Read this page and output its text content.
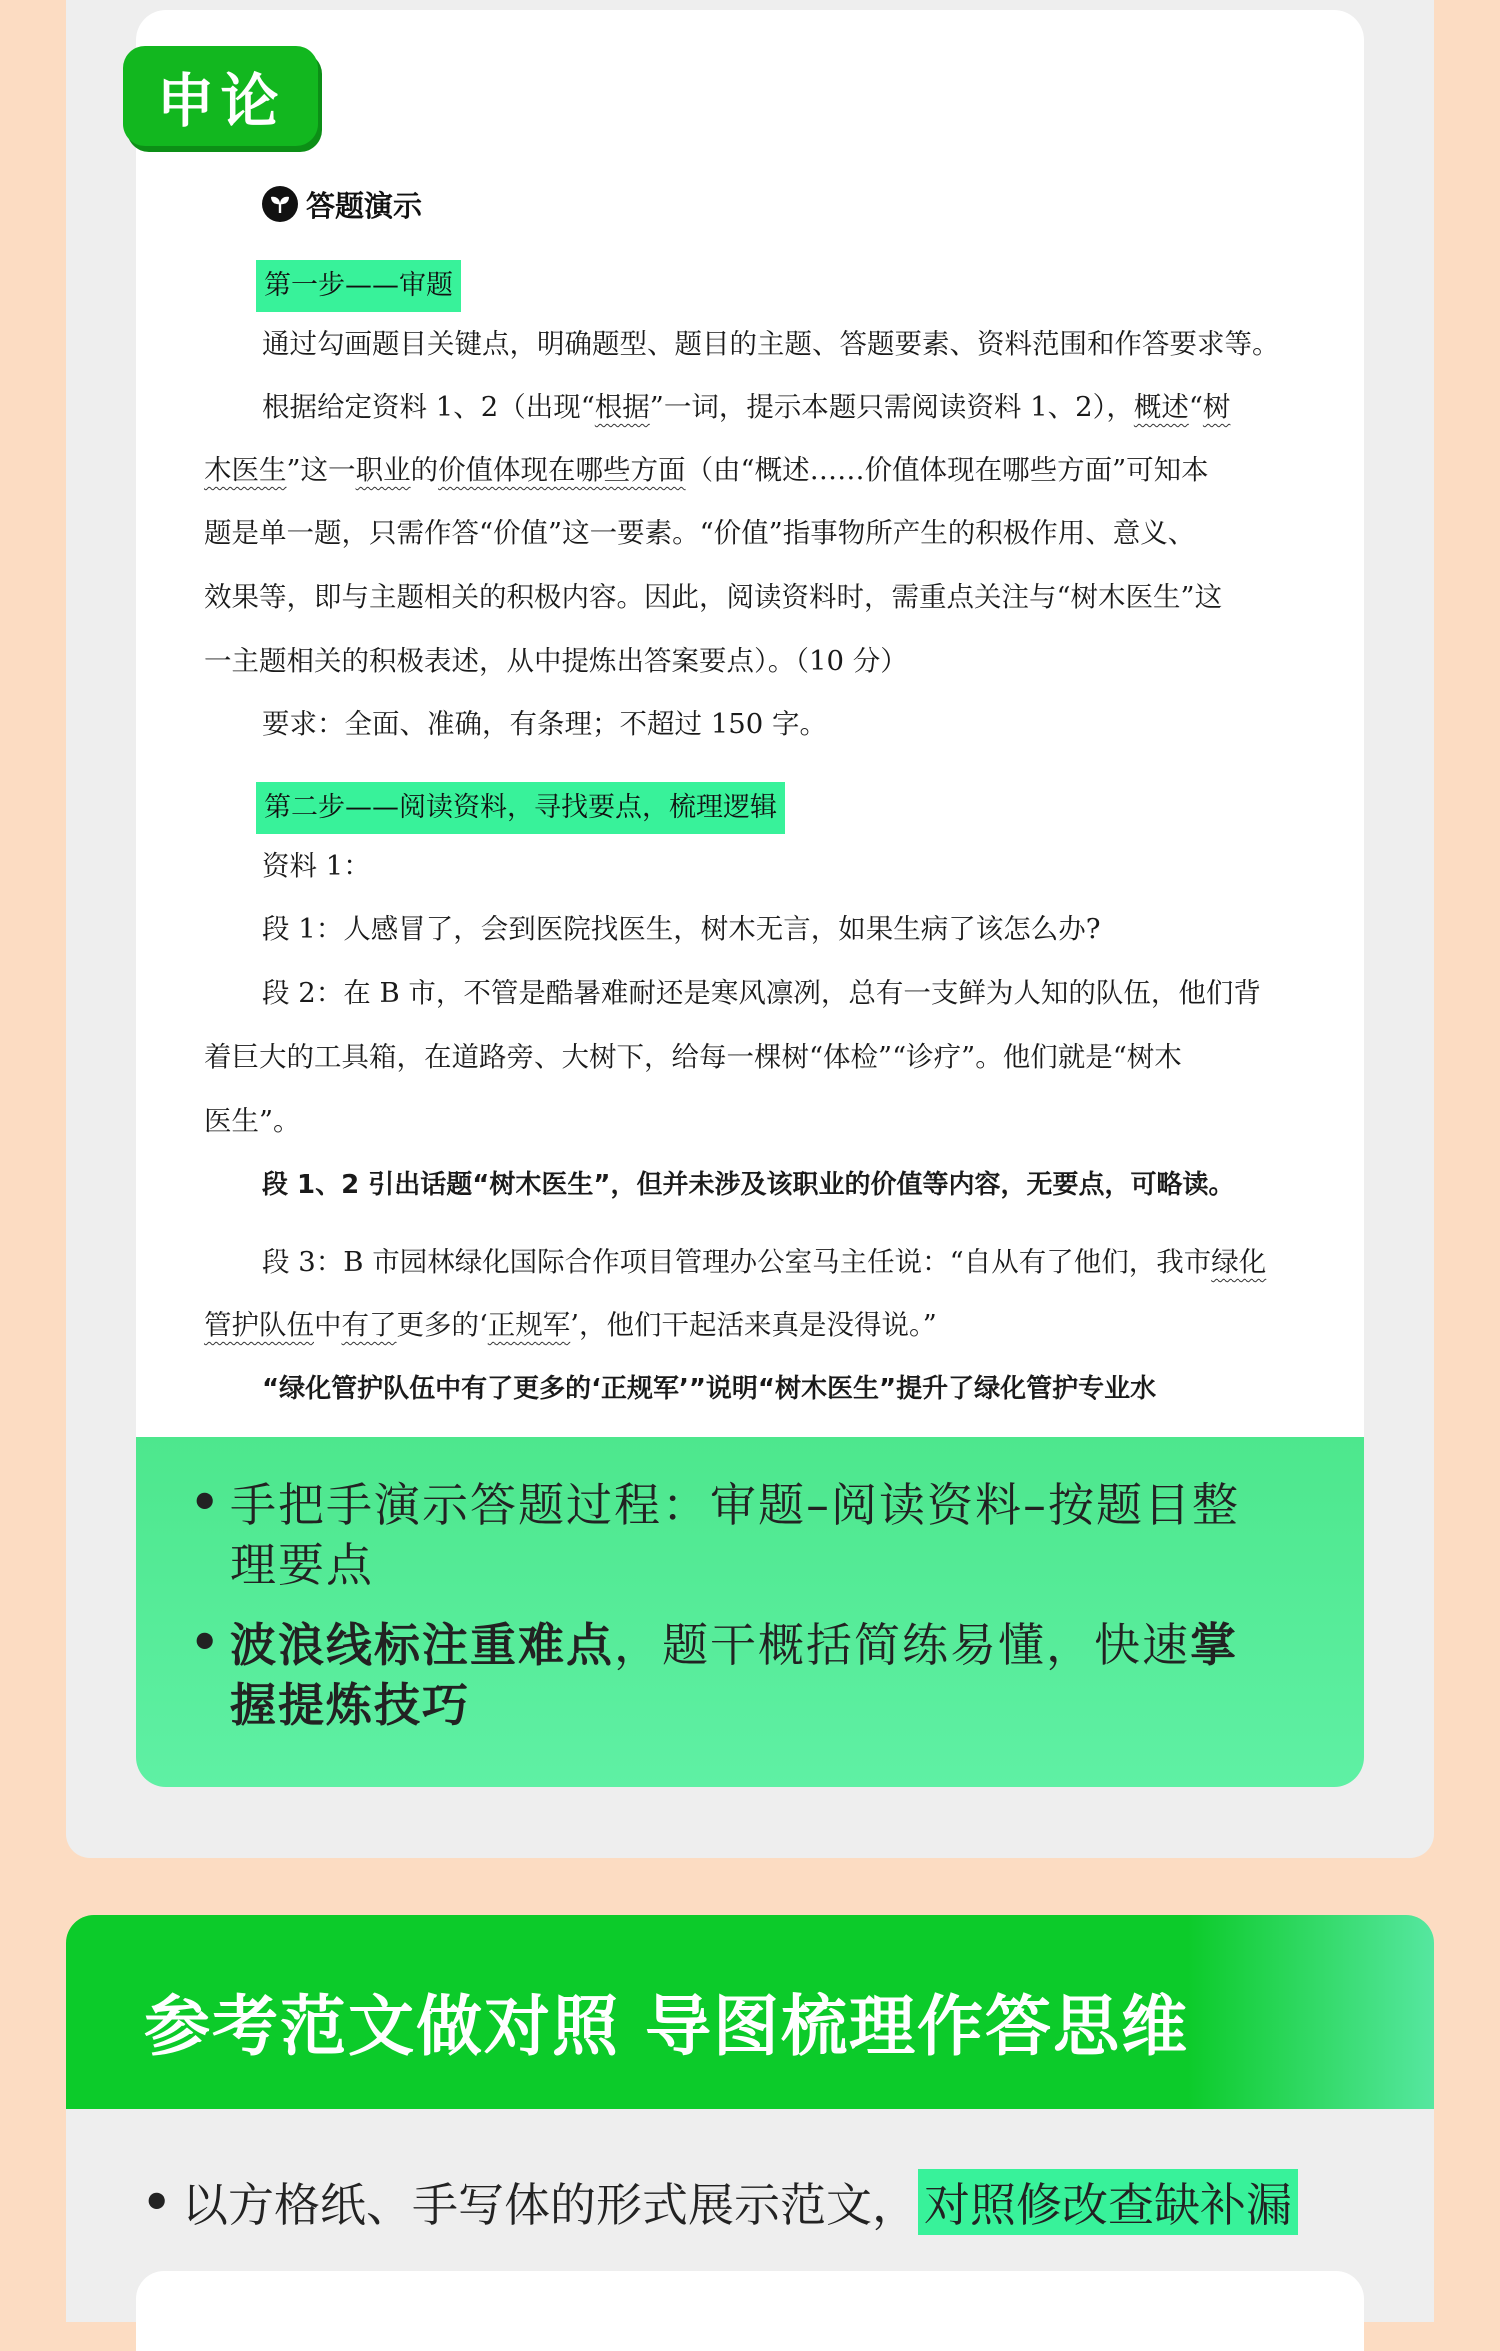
答题演示
第一步——审题
通过勾画题目关键点，明确题型、题目的主题、答题要素、资料范围和作答要求等。
根据给定资料 1、2（出现“根据”一词，提示本题只需阅读资料 1、2），概述“树
木医生”这一职业的价值体现在哪些方面（由“概述……价值体现在哪些方面”可知本
题是单一题，只需作答“价值”这一要素。“价值”指事物所产生的积极作用、意义、
效果等，即与主题相关的积极内容。因此，阅读资料时，需重点关注与“树木医生”这
一主题相关的积极表述，从中提炼出答案要点）。（10 分）
要求：全面、准确，有条理；不超过 150 字。
第二步——阅读资料，寻找要点，梳理逻辑
资料 1：
段 1：人感冒了，会到医院找医生，树木无言，如果生病了该怎么办?
段 2：在 B 市，不管是酷暑难耐还是寒风凛冽，总有一支鲜为人知的队伍，他们背
着巨大的工具箱，在道路旁、大树下，给每一棵树“体检”“诊疗”。他们就是“树木
医生”。
段 1、2 引出话题“树木医生”，但并未涉及该职业的价值等内容，无要点，可略读。
段 3：B 市园林绿化国际合作项目管理办公室马主任说：“自从有了他们，我市绿化
管护队伍中有了更多的‘正规军’，他们干起活来真是没得说。”
“绿化管护队伍中有了更多的‘正规军’”说明“树木医生”提升了绿化管护专业水
申论
• 手把手演示答题过程：审题–阅读资料–按题目整
理要点
• 波浪线标注重难点，题干概括简练易懂，快速掌
握提炼技巧
参考范文做对照 导图梳理作答思维
• 以方格纸、手写体的形式展示范文， 对照修改查缺补漏
